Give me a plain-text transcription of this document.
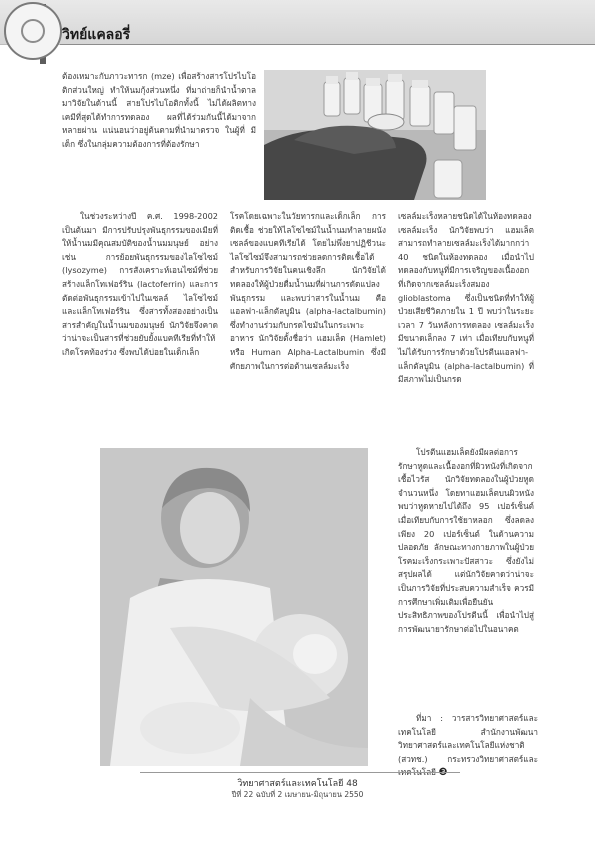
วิทย์แคลอรี่

ต้องเหมาะกับภาวะทารก (mze) เพื่อสร้างสารโปรไบโอติกส่วนใหญ่ ทำให้นมกุ้งส่วนหนึ่ง ที่มาถ่ายก็นำน้ำตาลมาวิจัยในด้านนี้ สายโปรไบโอติกทั้งนี้ ไม่ได้ผลิตทางเคมีที่สุดได้ทำการทดลอง ผลที่ได้ร่วมกันนี้ได้มาจากหลายผ่าน แน่นอนว่าอยู่ต้นตามที่นำมาตรวจ ในผู้ที่ มีเด็ก ซึ่งในกลุ่มความต้องการที่ต้องรักษา

ในช่วงระหว่างปี ค.ศ. 1998-2002 เป็นต้นมา มีการปรับปรุงพันธุกรรมของเมียที่ให้น้ำนมมีคุณสมบัติของน้ำนมมนุษย์ อย่างเช่น การย้อยพันธุกรรมของไลโซไซม์ (lysozyme) การสังเคราะห์เอนไซม์ที่ช่วยสร้างแล็กโทเฟอร์ริน (lactoferrin) และการตัดต่อพันธุกรรมเข้าไปในเซลล์ ไลโซไซม์และแล็กโทเฟอร์ริน ซึ่งสารทั้งสองอย่างเป็นสารสำคัญในน้ำนมของมนุษย์ นักวิจัยจึงคาดว่าน่าจะเป็นสารที่ช่วยยับยั้งแบคทีเรียที่ทำให้เกิดโรคท้องร่วง ซึ่งพบได้บ่อยในเด็กเล็ก

โรคโดยเฉพาะในวัยทารกและเด็กเล็ก การติดเชื้อ ช่วยให้ไลโซไซม์ในน้ำนมทำลายผนังเซลล์ของแบคทีเรียได้ โดยไม่พึ่งยาปฏิชีวนะ ไลโซไซม์จึงสามารถช่วยลดการติดเชื้อได้ สำหรับการวิจัยในคนเชิงลึก นักวิจัยได้ทดลองให้ผู้ป่วยดื่มน้ำนมที่ผ่านการดัดแปลงพันธุกรรม และพบว่าสารในน้ำนม คือ แอลฟา-แล็กตัลบูมิน (alpha-lactalbumin) ซึ่งทำงานร่วมกับกรดไขมันในกระเพาะอาหาร นักวิจัยตั้งชื่อว่า แฮมเล็ต (Hamlet) หรือ Human Alpha-Lactalbumin ซึ่งมีศักยภาพในการต่อต้านเซลล์มะเร็ง

เซลล์มะเร็งหลายชนิดได้ในห้องทดลอง เซลล์มะเร็ง นักวิจัยพบว่า แฮมเล็ตสามารถทำลายเซลล์มะเร็งได้มากกว่า 40 ชนิดในห้องทดลอง เมื่อนำไปทดลองกับหนูที่มีการเจริญของเนื้องอกที่เกิดจากเซลล์มะเร็งสมอง glioblastoma ซึ่งเป็นชนิดที่ทำให้ผู้ป่วยเสียชีวิตภายใน 1 ปี พบว่าในระยะเวลา 7 วันหลังการทดลอง เซลล์มะเร็งมีขนาดเล็กลง 7 เท่า เมื่อเทียบกับหนูที่ไม่ได้รับการรักษาด้วยโปรตีนแอลฟา-แล็กตัลบูมิน (alpha-lactalbumin) ที่มีสภาพไม่เป็นกรด

โปรตีนแฮมเล็ตยังมีผลต่อการรักษาหูดและเนื้องอกที่ผิวหนังที่เกิดจากเชื้อไวรัส นักวิจัยทดลองในผู้ป่วยหูดจำนวนหนึ่ง โดยทาแฮมเล็ตบนผิวหนัง พบว่าหูดหายไปได้ถึง 95 เปอร์เซ็นต์ เมื่อเทียบกับการใช้ยาหลอก ซึ่งลดลงเพียง 20 เปอร์เซ็นต์ ในด้านความปลอดภัย ลักษณะทางกายภาพในผู้ป่วยโรคมะเร็งกระเพาะปัสสาวะ ซึ่งยังไม่สรุปผลได้ แต่นักวิจัยคาดว่าน่าจะเป็นการวิจัยที่ประสบความสำเร็จ ควรมีการศึกษาเพิ่มเติมเพื่อยืนยันประสิทธิภาพของโปรตีนนี้ เพื่อนำไปสู่การพัฒนายารักษาต่อไปในอนาคต

ที่มา : วารสารวิทยาศาสตร์และเทคโนโลยี สำนักงานพัฒนาวิทยาศาสตร์และเทคโนโลยีแห่งชาติ (สวทช.) กระทรวงวิทยาศาสตร์และ

วิทยาศาสตร์และเทคโนโลยี 48
ปีที่ 22 ฉบับที่ 2 เมษายน-มิถุนายน 2550
